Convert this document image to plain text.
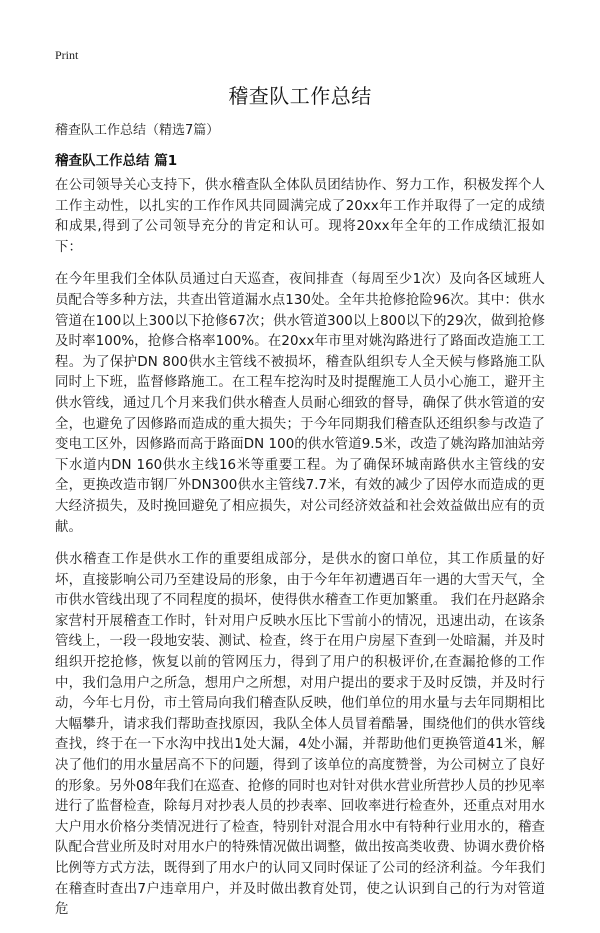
Print
稽查队工作总结
稽查队工作总结（精选7篇）
稽查队工作总结 篇1

在公司领导关心支持下，供水稽查队全体队员团结协作、努力工作，积极发挥个人工作主动性，以扎实的工作作风共同圆满完成了20xx年工作并取得了一定的成绩和成果,得到了公司领导充分的肯定和认可。现将20xx年全年的工作成绩汇报如下：

在今年里我们全体队员通过白天巡查，夜间排查（每周至少1次）及向各区域班人员配合等多种方法，共查出管道漏水点130处。全年共抢修抢险96次。其中：供水管道在100以上300以下抢修67次；供水管道300以上800以下的29次，做到抢修及时率100%，抢修合格率100%。在20xx年市里对姚沟路进行了路面改造施工工程。为了保护DN 800供水主管线不被损坏，稽查队组织专人全天候与修路施工队同时上下班，监督修路施工。在工程车挖沟时及时提醒施工人员小心施工，避开主供水管线，通过几个月来我们供水稽查人员耐心细致的督导，确保了供水管道的安全，也避免了因修路而造成的重大损失；于今年同期我们稽查队还组织参与改造了变电工区外，因修路而高于路面DN 100的供水管道9.5米，改造了姚沟路加油站旁下水道内DN 160供水主线16米等重要工程。为了确保环城南路供水主管线的安全，更换改造市钢厂外DN300供水主管线7.7米，有效的减少了因停水而造成的更大经济损失，及时挽回避免了相应损失，对公司经济效益和社会效益做出应有的贡献。

供水稽查工作是供水工作的重要组成部分，是供水的窗口单位，其工作质量的好坏，直接影响公司乃至建设局的形象，由于今年年初遭遇百年一遇的大雪天气，全市供水管线出现了不同程度的损坏，使得供水稽查工作更加繁重。 我们在丹赵路余家营村开展稽查工作时，针对用户反映水压比下雪前小的情况，迅速出动，在该条管线上，一段一段地安装、测试、检查，终于在用户房屋下查到一处暗漏，并及时组织开挖抢修，恢复以前的管网压力，得到了用户的积极评价,在查漏抢修的工作中，我们急用户之所急，想用户之所想，对用户提出的要求于及时反馈，并及时行动，今年七月份，市土管局向我们稽查队反映，他们单位的用水量与去年同期相比大幅攀升，请求我们帮助查找原因，我队全体人员冒着酷暑，围绕他们的供水管线查找，终于在一下水沟中找出1处大漏，4处小漏，并帮助他们更换管道41米，解决了他们的用水量居高不下的问题，得到了该单位的高度赞誉，为公司树立了良好的形象。另外08年我们在巡查、抢修的同时也对针对供水营业所营抄人员的抄见率进行了监督检查，除每月对抄表人员的抄表率、回收率进行检查外，还重点对用水大户用水价格分类情况进行了检查，特别针对混合用水中有特种行业用水的，稽查队配合营业所及时对用水户的特殊情况做出调整，做出按高类收费、协调水费价格比例等方式方法，既得到了用水户的认同又同时保证了公司的经济利益。今年我们在稽查时查出7户违章用户，并及时做出教育处罚，使之认识到自己的行为对管道危
